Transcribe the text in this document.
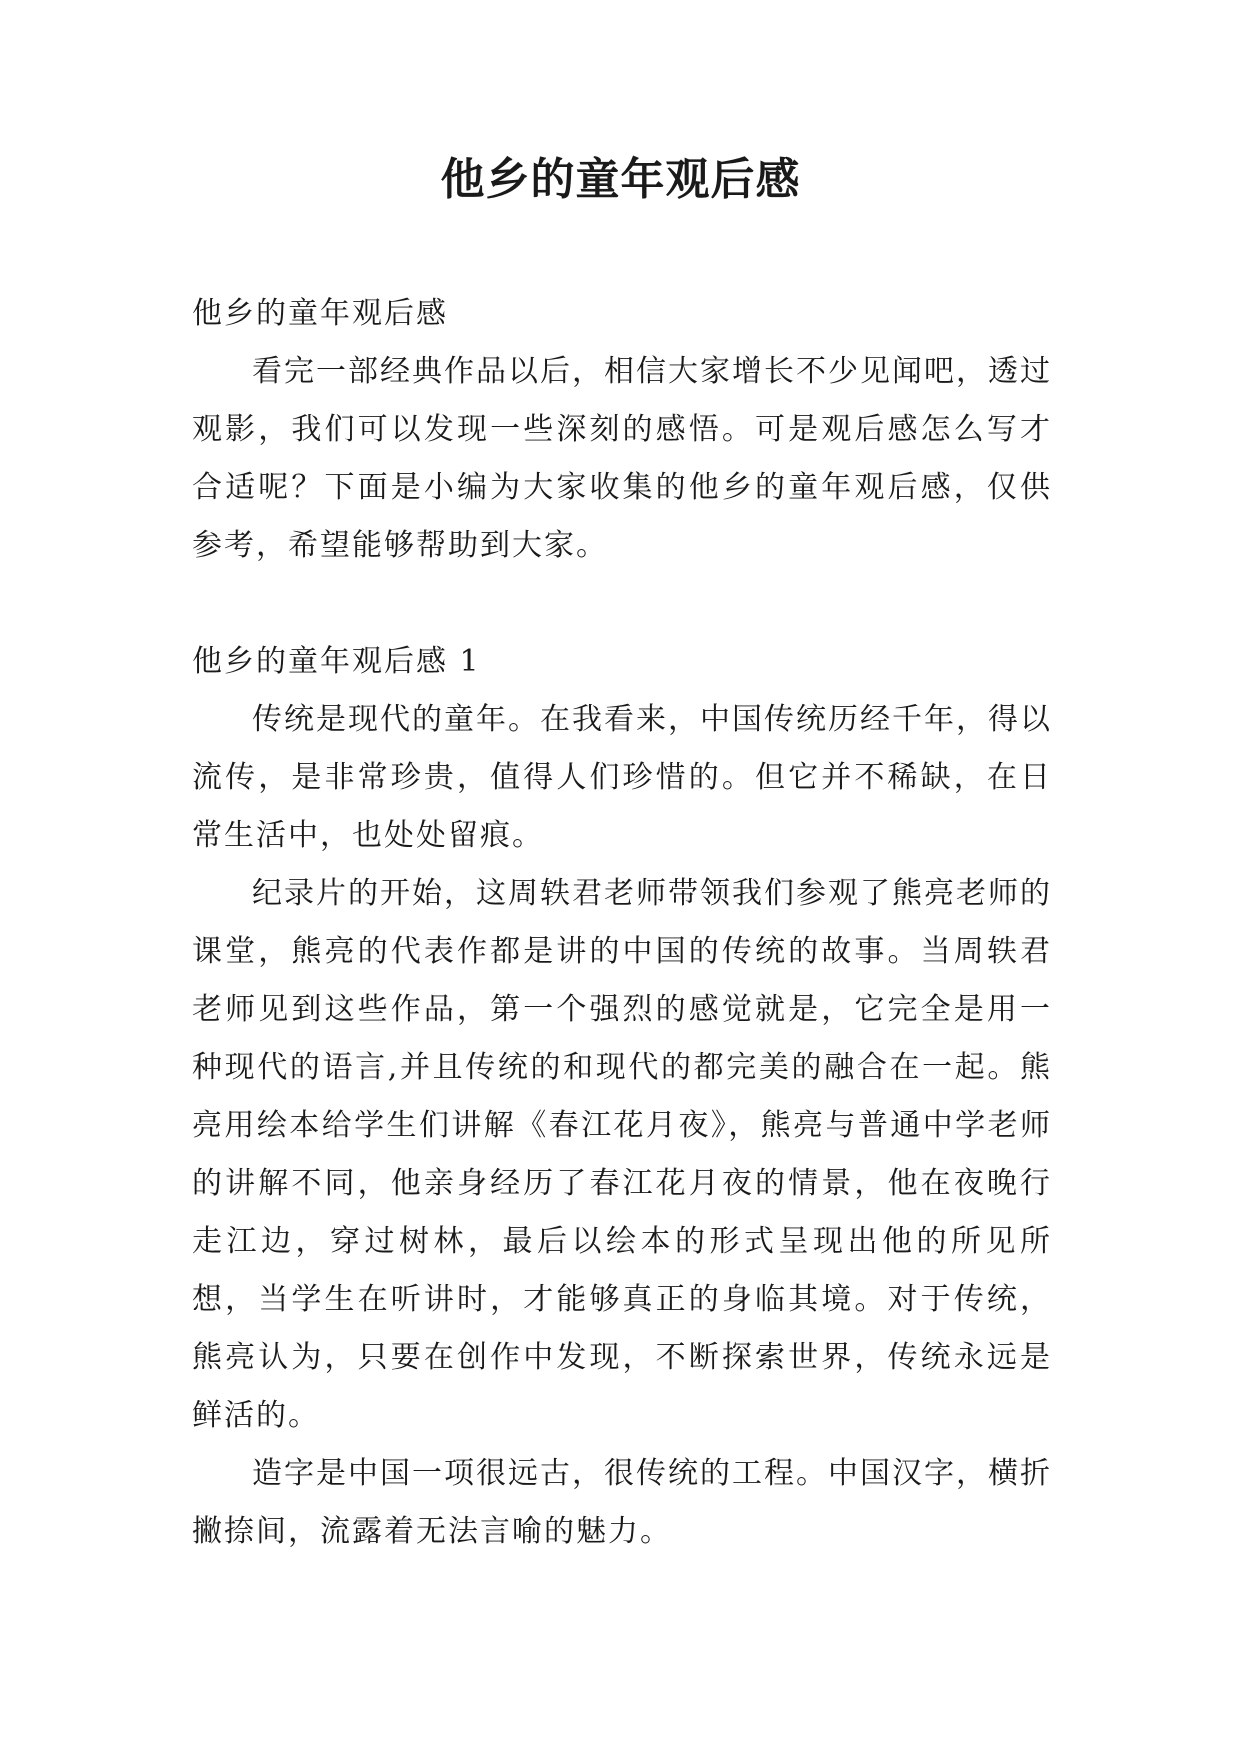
他乡的童年观后感
他乡的童年观后感

看完一部经典作品以后，相信大家增长不少见闻吧，透过观影，我们可以发现一些深刻的感悟。可是观后感怎么写才合适呢？下面是小编为大家收集的他乡的童年观后感，仅供参考，希望能够帮助到大家。

他乡的童年观后感 1

传统是现代的童年。在我看来，中国传统历经千年，得以流传，是非常珍贵，值得人们珍惜的。但它并不稀缺，在日常生活中，也处处留痕。

纪录片的开始，这周轶君老师带领我们参观了熊亮老师的课堂，熊亮的代表作都是讲的中国的传统的故事。当周轶君老师见到这些作品，第一个强烈的感觉就是，它完全是用一种现代的语言,并且传统的和现代的都完美的融合在一起。熊亮用绘本给学生们讲解《春江花月夜》，熊亮与普通中学老师的讲解不同，他亲身经历了春江花月夜的情景，他在夜晚行走江边，穿过树林，最后以绘本的形式呈现出他的所见所想，当学生在听讲时，才能够真正的身临其境。对于传统，熊亮认为，只要在创作中发现，不断探索世界，传统永远是鲜活的。

造字是中国一项很远古，很传统的工程。中国汉字，横折撇捺间，流露着无法言喻的魅力。
